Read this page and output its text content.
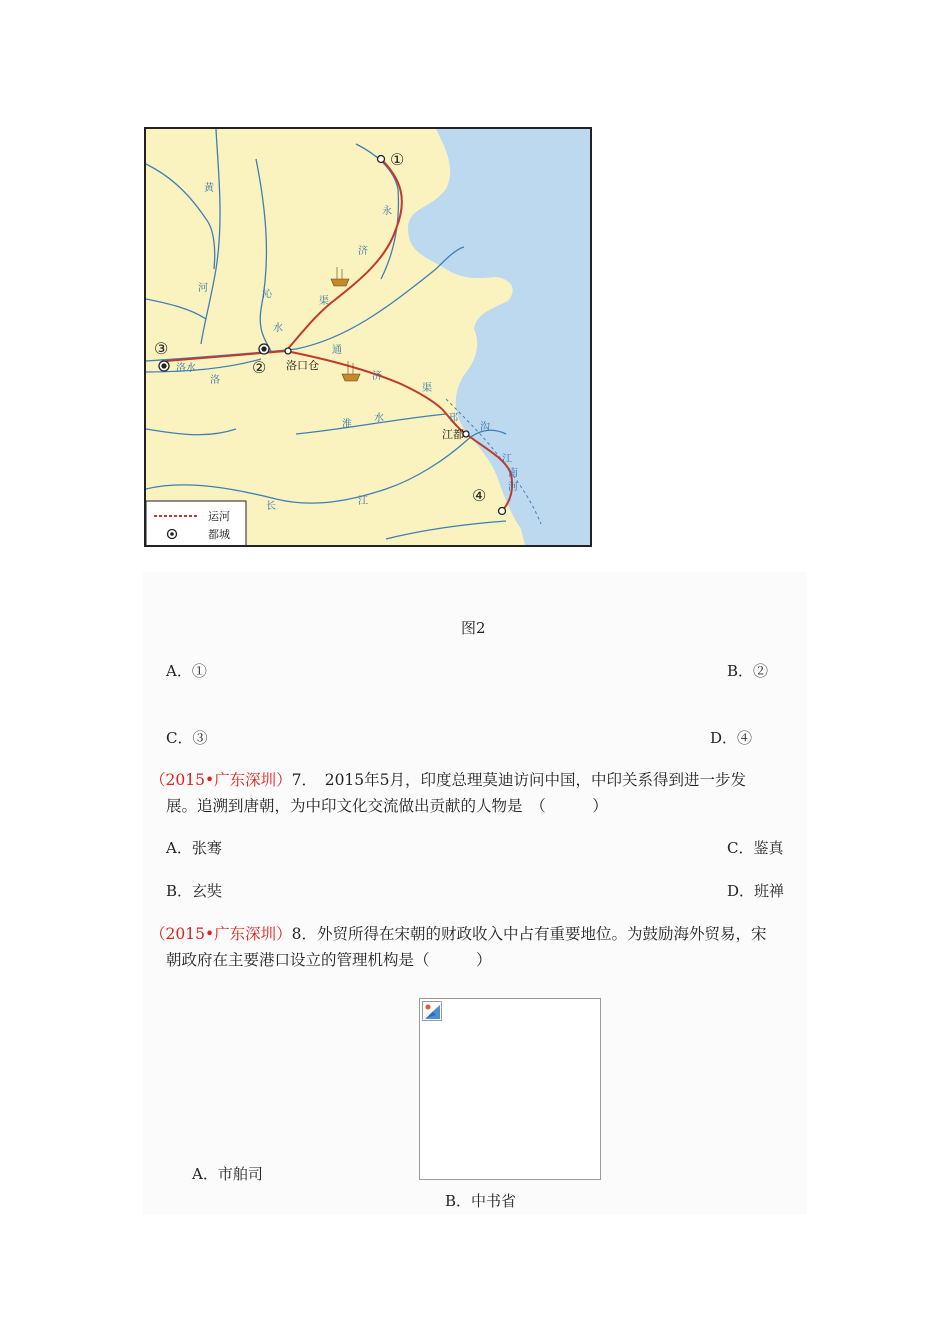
①
②
③
④
洛口仓
江都
黄
河
沁
水
永
济
渠
通
济
渠
邗
沟
江
南
河
淮
水
洛水
洛
长	江
运河
都城
图2
A．①	B．②
C．③	D．④
（2015•广东深圳）7．　2015年5月，印度总理莫迪访问中国，中印关系得到进一步发
展。追溯到唐朝，为中印文化交流做出贡献的人物是　（　　　）
A．张骞	C．鉴真
B．玄奘	D．班禅
（2015•广东深圳）8．外贸所得在宋朝的财政收入中占有重要地位。为鼓励海外贸易，宋
朝政府在主要港口设立的管理机构是（　　　）
A．市舶司
B．中书省
